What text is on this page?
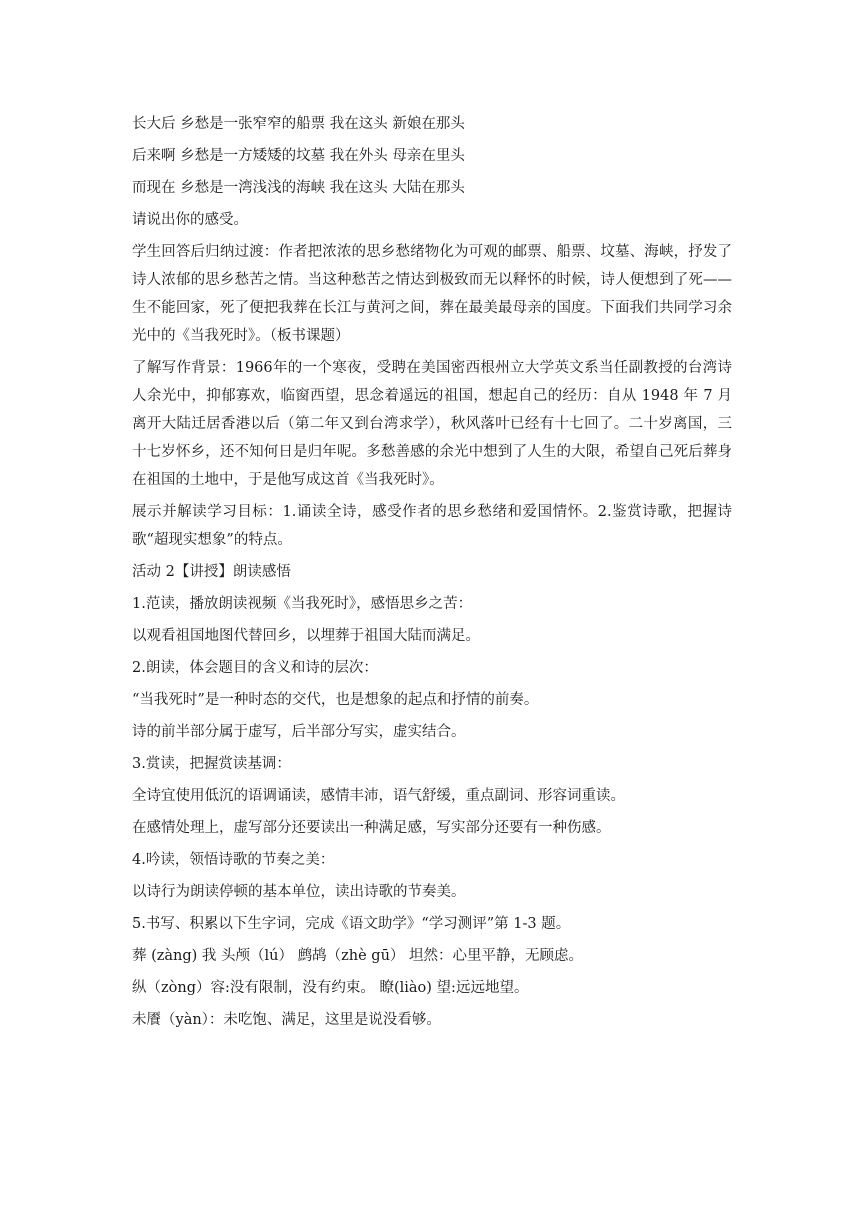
长大后 乡愁是一张窄窄的船票 我在这头 新娘在那头

后来啊 乡愁是一方矮矮的坟墓 我在外头 母亲在里头

而现在 乡愁是一湾浅浅的海峡 我在这头 大陆在那头

请说出你的感受。

学生回答后归纳过渡：作者把浓浓的思乡愁绪物化为可观的邮票、船票、坟墓、海峡，抒发了诗人浓郁的思乡愁苦之情。当这种愁苦之情达到极致而无以释怀的时候，诗人便想到了死——生不能回家，死了便把我葬在长江与黄河之间，葬在最美最母亲的国度。下面我们共同学习余光中的《当我死时》。（板书课题）

了解写作背景：1966年的一个寒夜，受聘在美国密西根州立大学英文系当任副教授的台湾诗人余光中，抑郁寡欢，临窗西望，思念着遥远的祖国，想起自己的经历：自从 1948 年 7 月离开大陆迁居香港以后（第二年又到台湾求学），秋风落叶已经有十七回了。二十岁离国，三十七岁怀乡，还不知何日是归年呢。多愁善感的余光中想到了人生的大限，希望自己死后葬身在祖国的土地中，于是他写成这首《当我死时》。

展示并解读学习目标：1.诵读全诗，感受作者的思乡愁绪和爱国情怀。2.鉴赏诗歌，把握诗歌“超现实想象”的特点。

活动 2【讲授】朗读感悟

1.范读，播放朗读视频《当我死时》，感悟思乡之苦：

以观看祖国地图代替回乡，以埋葬于祖国大陆而满足。

2.朗读，体会题目的含义和诗的层次：

“当我死时”是一种时态的交代，也是想象的起点和抒情的前奏。

诗的前半部分属于虚写，后半部分写实，虚实结合。

3.赏读，把握赏读基调：

全诗宜使用低沉的语调诵读，感情丰沛，语气舒缓，重点副词、形容词重读。

在感情处理上，虚写部分还要读出一种满足感，写实部分还要有一种伤感。

4.吟读，领悟诗歌的节奏之美：

以诗行为朗读停顿的基本单位，读出诗歌的节奏美。

5.书写、积累以下生字词，完成《语文助学》“学习测评”第 1-3 题。

葬 (zàng) 我 头颅（lú） 鹧鸪（zhè gū） 坦然：心里平静，无顾虑。

纵（zòng）容:没有限制，没有约束。 瞭(liào) 望:远远地望。

未餍（yàn）：未吃饱、满足，这里是说没看够。
